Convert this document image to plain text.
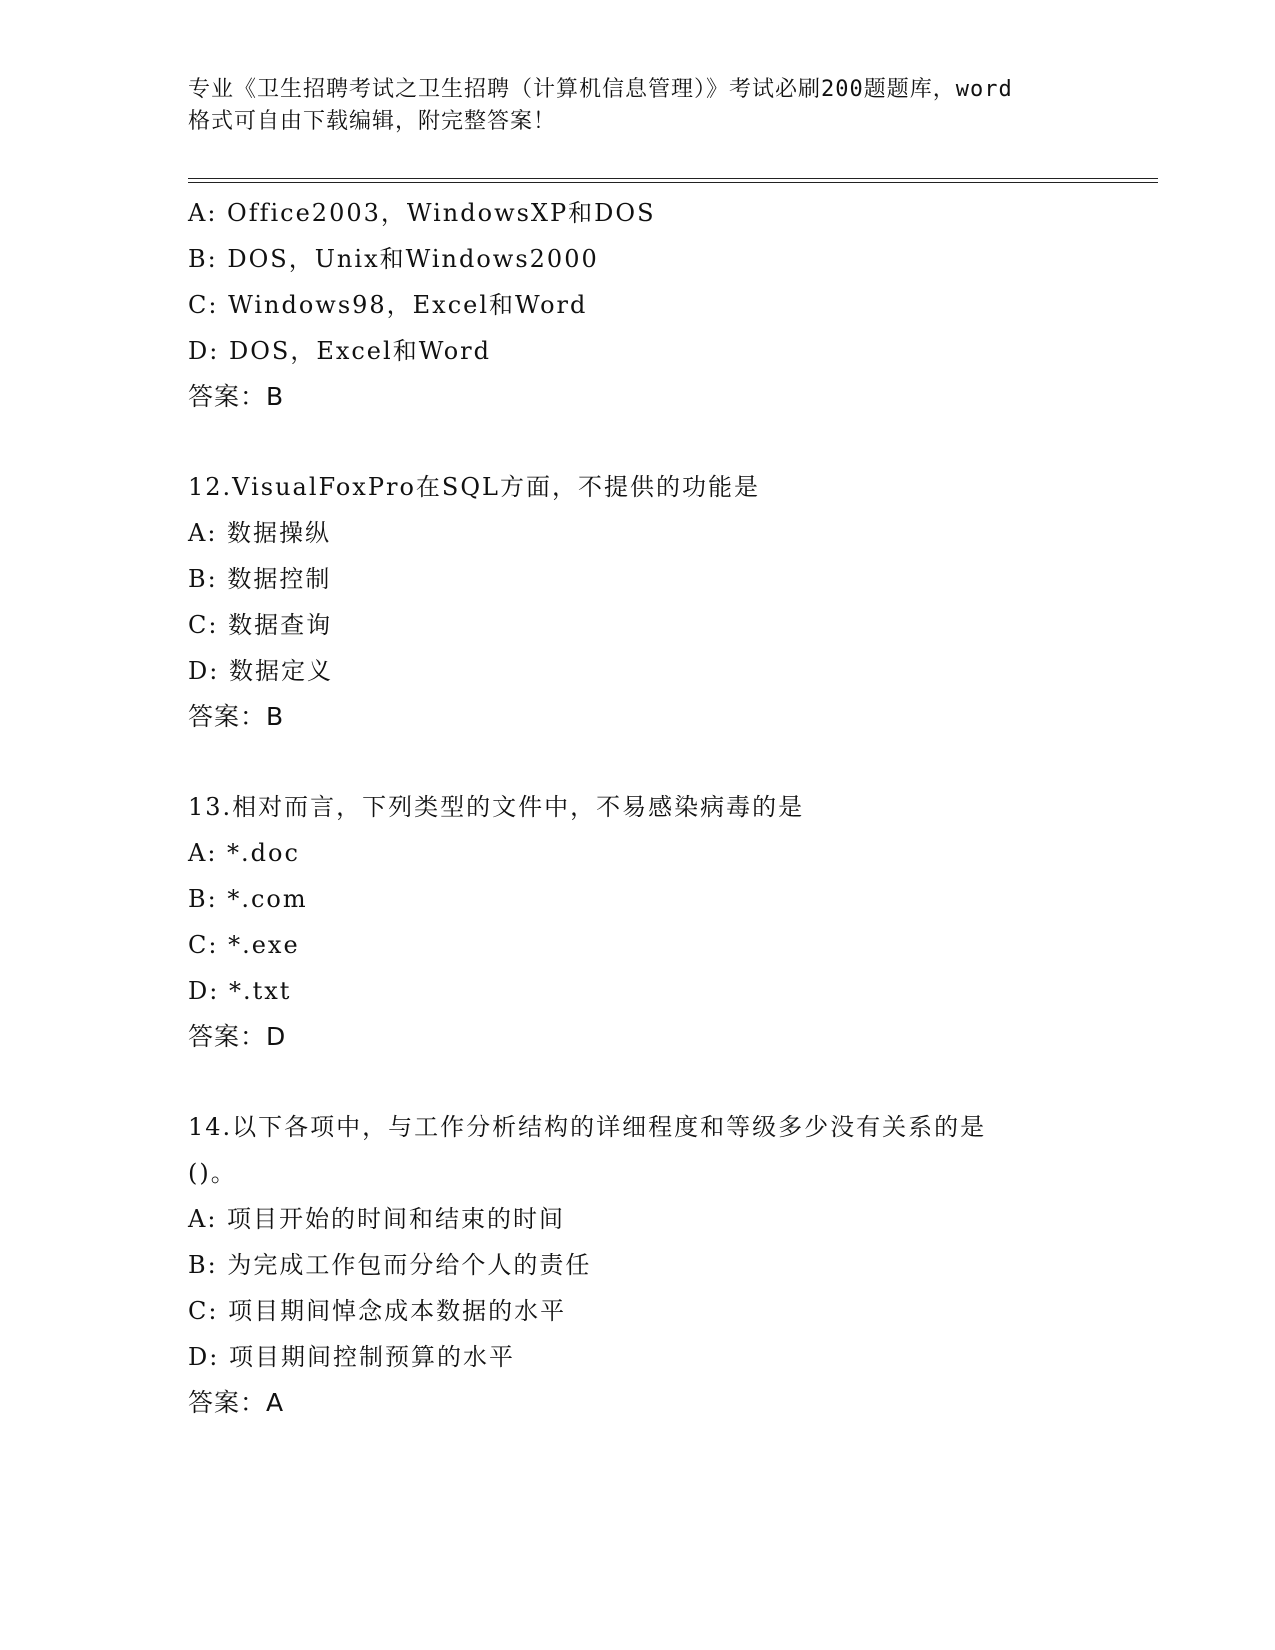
专业《卫生招聘考试之卫生招聘（计算机信息管理）》考试必刷200题题库，word

格式可自由下载编辑，附完整答案！

A: Office2003，WindowsXP和DOS
B: DOS，Unix和Windows2000
C: Windows98，Excel和Word
D: DOS，Excel和Word
答案：B
12.VisualFoxPro在SQL方面，不提供的功能是
A: 数据操纵
B: 数据控制
C: 数据查询
D: 数据定义
答案：B
13.相对而言，下列类型的文件中，不易感染病毒的是
A: *.doc
B: *.com
C: *.exe
D: *.txt
答案：D
14.以下各项中，与工作分析结构的详细程度和等级多少没有关系的是
()。
A: 项目开始的时间和结束的时间
B: 为完成工作包而分给个人的责任
C: 项目期间悼念成本数据的水平
D: 项目期间控制预算的水平
答案：A
